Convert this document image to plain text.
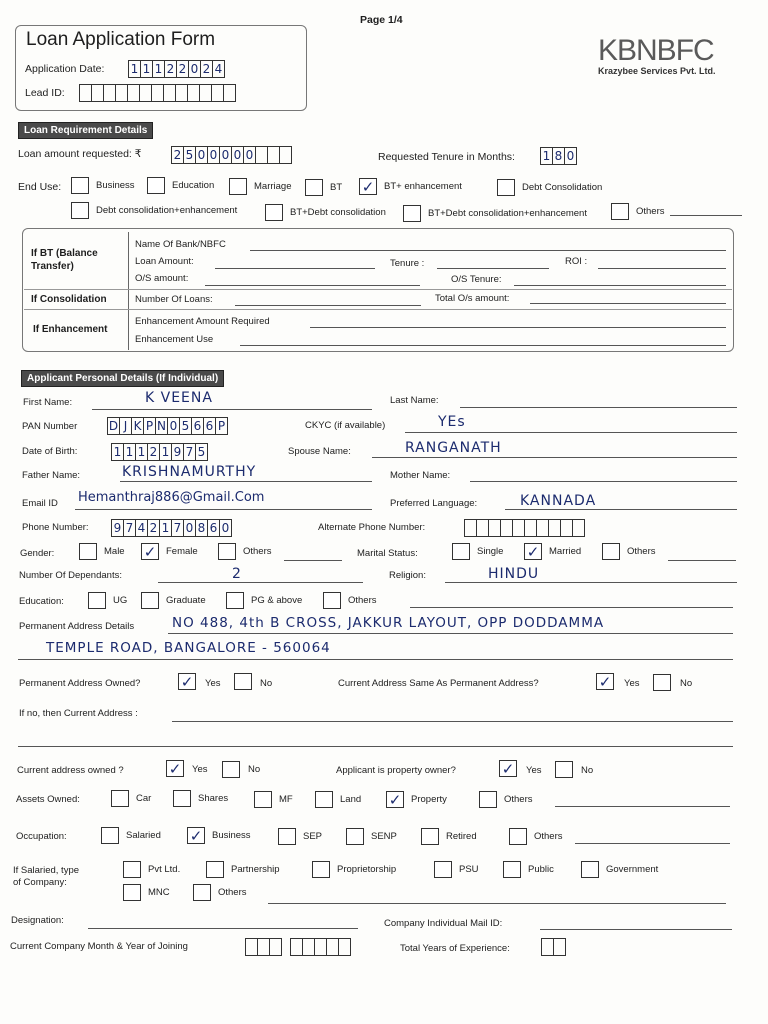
Page 1/4
Loan Application Form
Application Date: 1 1 1 2 2 0 2 4
Lead ID:
KBNBFC
Krazybee Services Pvt. Ltd.
Loan Requirement Details
Loan amount requested: ₹	2 5 0 0 0 0 0	Requested Tenure in Months: 1 8 0
End Use:	Business	Education	Marriage	BT ✓ BT+ enhancement	Debt Consolidation
Debt consolidation+enhancement	BT+Debt consolidation	BT+Debt consolidation+enhancement	Others
If BT (Balance Transfer)
Name Of Bank/NBFC
Loan Amount:	Tenure :	ROI :
O/S amount:	O/S Tenure:
If Consolidation	Number Of Loans:	Total O/s amount:
If Enhancement
Enhancement Amount Required
Enhancement Use
Applicant Personal Details (If Individual)
First Name:	K VEENA	Last Name:
PAN Number	D J K P N 0 5 6 6 P	CKYC (if available)	YEs
Date of Birth:	1 1 1 2 1 9 7 5	Spouse Name:	RANGANATH
Father Name:	KRISHNAMURTHY	Mother Name:
Email ID Hemanthraj886@Gmail.Com	Preferred Language:	KANNADA
Phone Number: 9 7 4 2 1 7 0 8 6 0	Alternate Phone Number:
Gender:	Male ✓ Female	Others	Marital Status:	Single ✓ Married	Others
Number Of Dependants:	2	Religion:	HINDU
Education:	UG	Graduate	PG & above	Others
Permanent Address Details	NO 488, 4th B CROSS, JAKKUR LAYOUT, OPP DODDAMMA
TEMPLE ROAD, BANGALORE - 560064
Permanent Address Owned?	✓ Yes	No	Current Address Same As Permanent Address?	✓ Yes	No
If no, then Current Address :
Current address owned ?	✓ Yes	No	Applicant is property owner?	✓ Yes	No
Assets Owned:	Car	Shares	MF	Land ✓ Property	Others
Occupation:	Salaried ✓ Business	SEP	SENP	Retired	Others
If Salaried, type
of Company:
Pvt Ltd.	Partnership	Proprietorship	PSU	Public	Government
MNC	Others
Designation:	Company Individual Mail ID:
Current Company Month & Year of Joining	Total Years of Experience:
